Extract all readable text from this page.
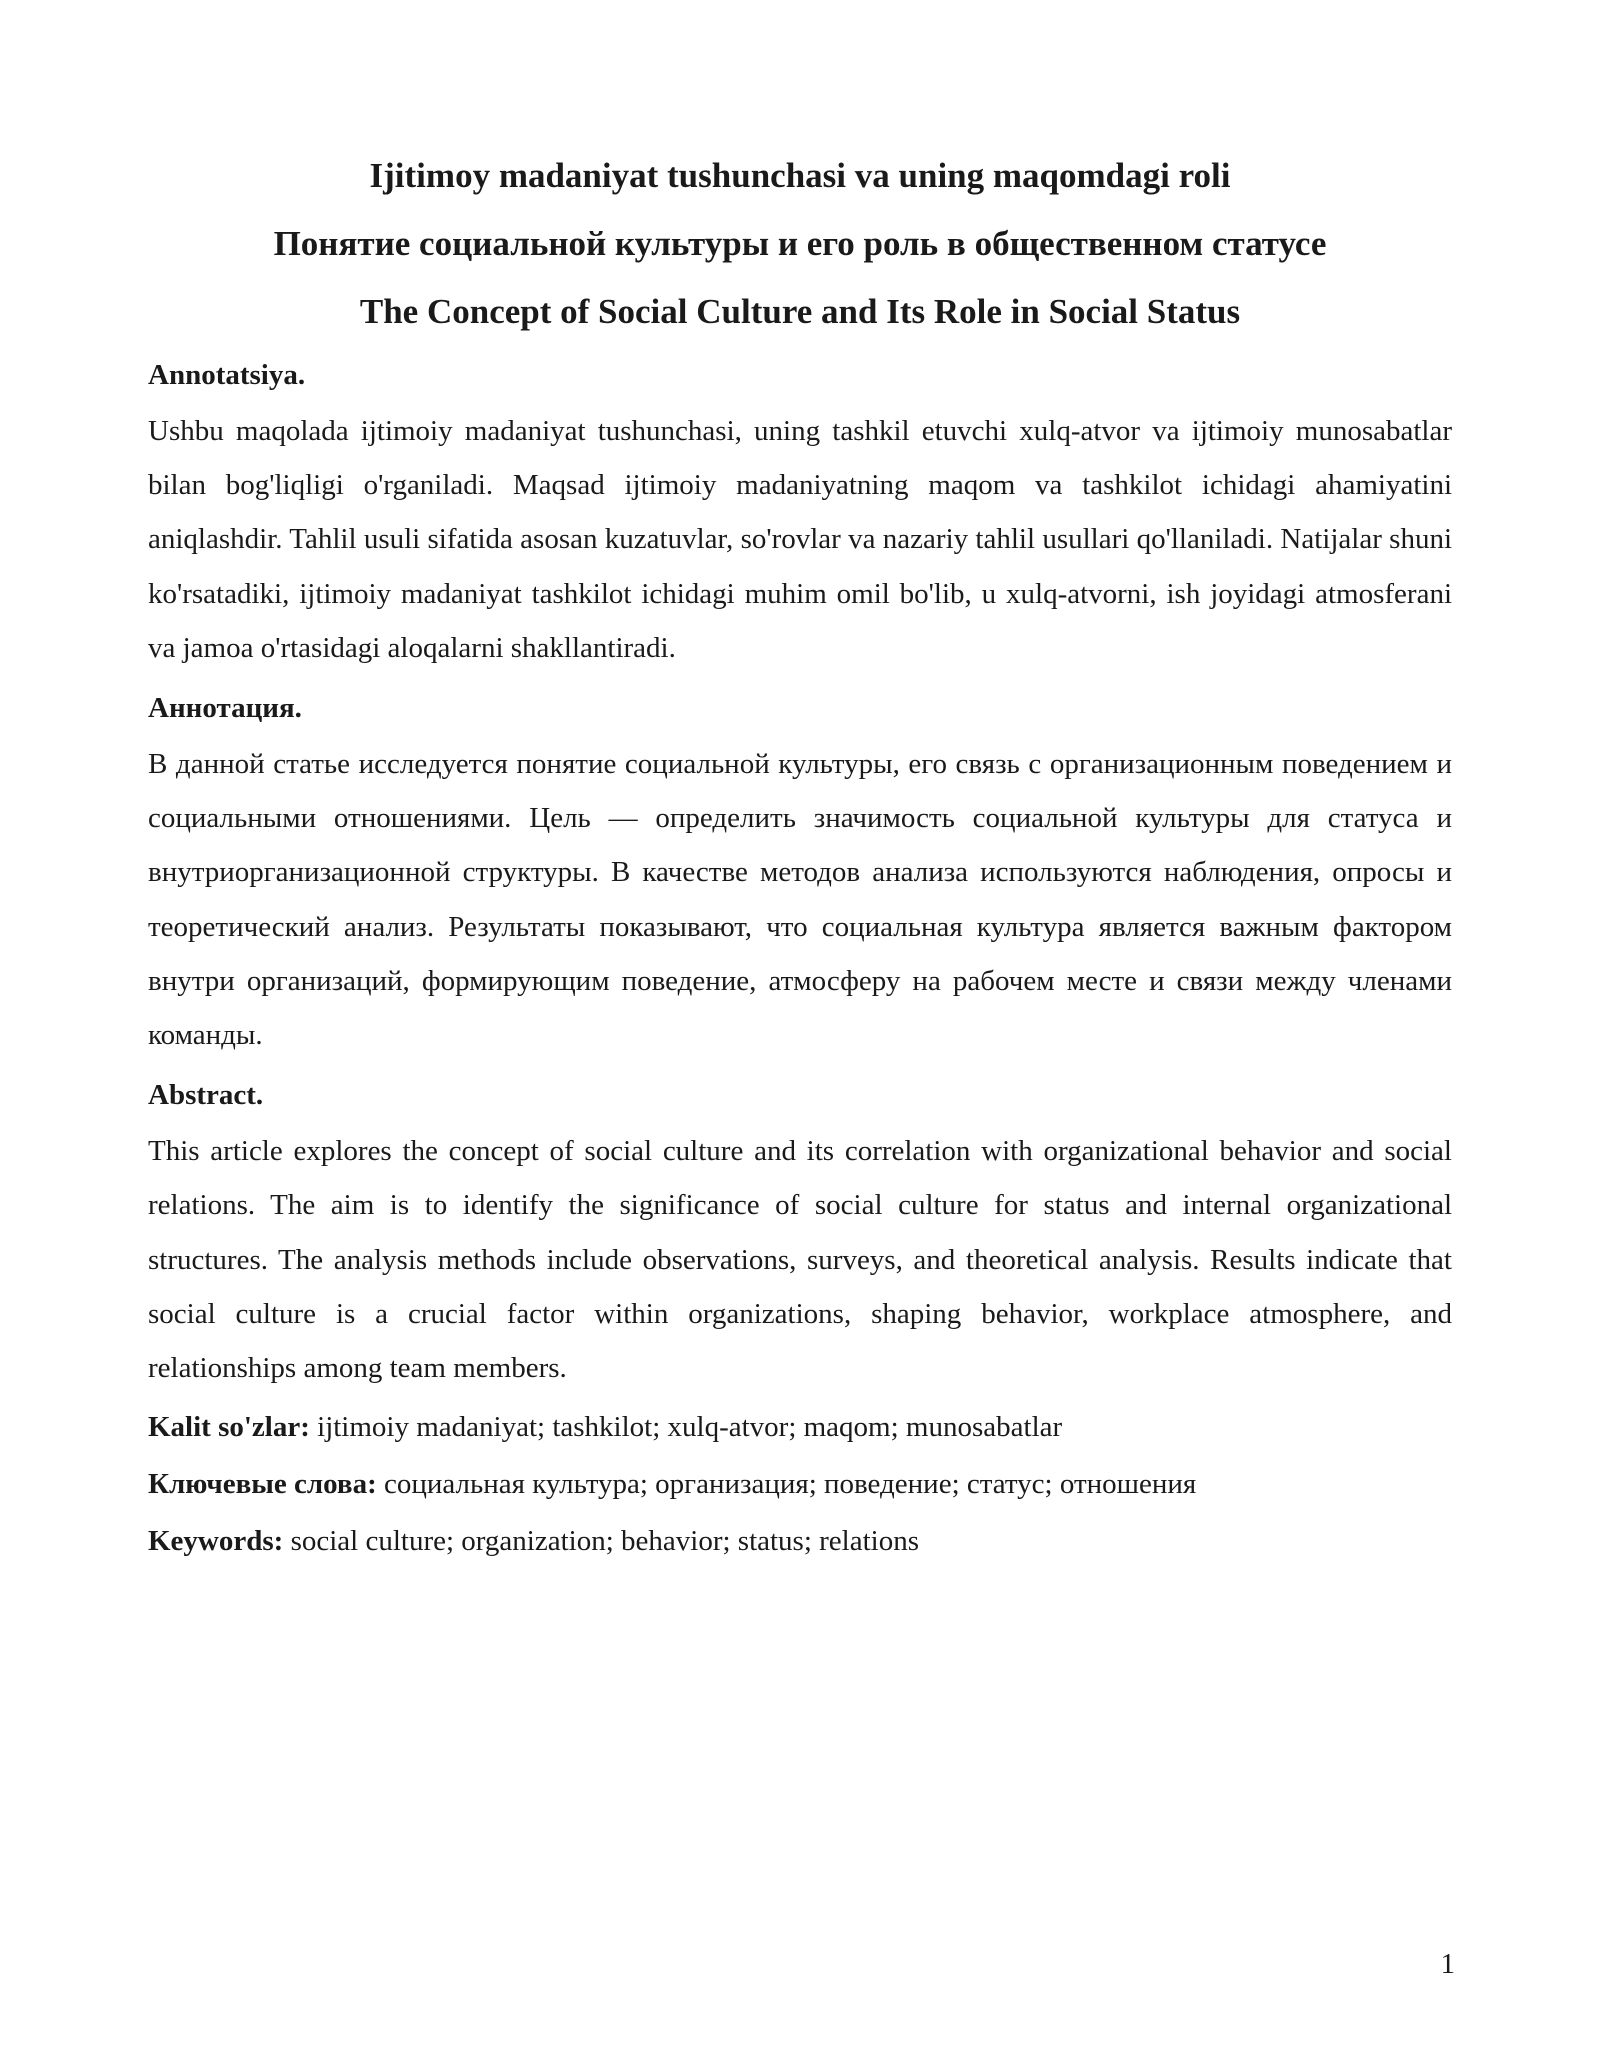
Ijitimoy madaniyat tushunchasi va uning maqomdagi roli

Понятие социальной культуры и его роль в общественном статусе

The Concept of Social Culture and Its Role in Social Status

Annotatsiya.

Ushbu maqolada ijtimoiy madaniyat tushunchasi, uning tashkil etuvchi xulq-atvor va ijtimoiy munosabatlar bilan bog'liqligi o'rganiladi. Maqsad ijtimoiy madaniyatning maqom va tashkilot ichidagi ahamiyatini aniqlashdir. Tahlil usuli sifatida asosan kuzatuvlar, so'rovlar va nazariy tahlil usullari qo'llaniladi. Natijalar shuni ko'rsatadiki, ijtimoiy madaniyat tashkilot ichidagi muhim omil bo'lib, u xulq-atvorni, ish joyidagi atmosferani va jamoa o'rtasidagi aloqalarni shakllantiradi.

Аннотация.

В данной статье исследуется понятие социальной культуры, его связь с организационным поведением и социальными отношениями. Цель — определить значимость социальной культуры для статуса и внутриорганизационной структуры. В качестве методов анализа используются наблюдения, опросы и теоретический анализ. Результаты показывают, что социальная культура является важным фактором внутри организаций, формирующим поведение, атмосферу на рабочем месте и связи между членами команды.

Abstract.

This article explores the concept of social culture and its correlation with organizational behavior and social relations. The aim is to identify the significance of social culture for status and internal organizational structures. The analysis methods include observations, surveys, and theoretical analysis. Results indicate that social culture is a crucial factor within organizations, shaping behavior, workplace atmosphere, and relationships among team members.

Kalit so'zlar: ijtimoiy madaniyat; tashkilot; xulq-atvor; maqom; munosabatlar

Ключевые слова: социальная культура; организация; поведение; статус; отношения

Keywords: social culture; organization; behavior; status; relations

1
